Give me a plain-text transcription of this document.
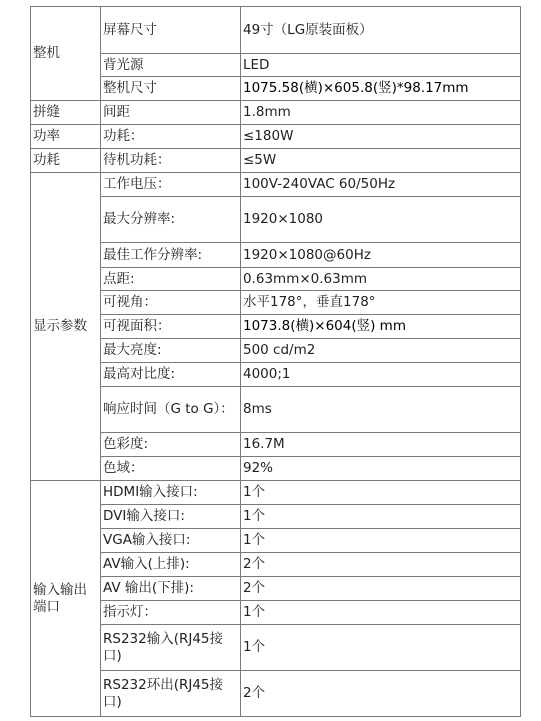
整机	屏幕尺寸	49寸（LG原装面板）
	背光源	LED
	整机尺寸	1075.58(横)×605.8(竖)*98.17mm
拼缝	间距	1.8mm
功率	功耗：	≤180W
功耗	待机功耗：	≤5W
显示参数	工作电压：	100V-240VAC 60/50Hz
	最大分辨率:	1920×1080
	最佳工作分辨率:	1920×1080@60Hz
	点距:	0.63mm×0.63mm
	可视角：	水平178°，垂直178°
	可视面积：	1073.8(横)×604(竖) mm
	最大亮度:	500 cd/m2
	最高对比度:	4000;1
	响应时间（G to G）：	8ms
	色彩度:	16.7M
	色域：	92%
输入输出端口	HDMI输入接口:	1个
	DVI输入接口:	1个
	VGA输入接口:	1个
	AV输入(上排):	2个
	AV 输出(下排):	2个
	指示灯：	1个
	RS232输入(RJ45接口)	1个
	RS232环出(RJ45接口)	2个
